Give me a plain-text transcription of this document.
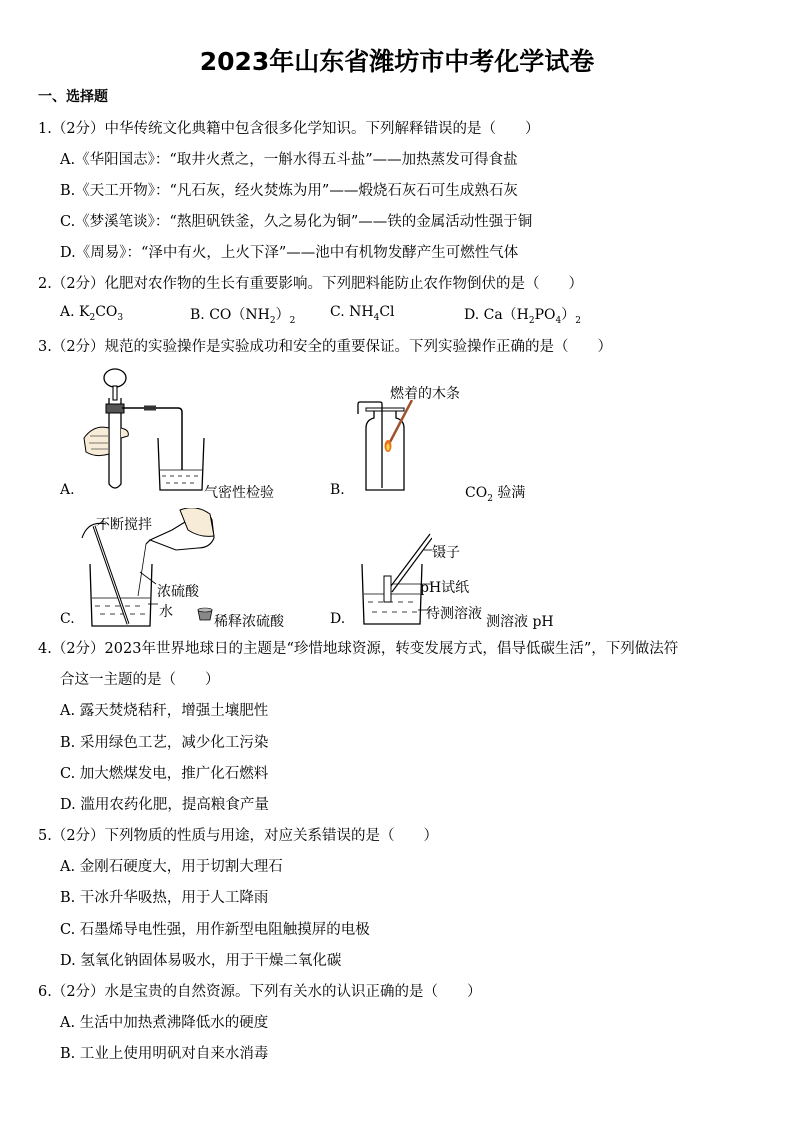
2023年山东省潍坊市中考化学试卷
一、选择题
1.（2分）中华传统文化典籍中包含很多化学知识。下列解释错误的是（　　）
A.《华阳国志》：“取井火煮之，一斛水得五斗盐”——加热蒸发可得食盐
B.《天工开物》：“凡石灰，经火焚炼为用”——煅烧石灰石可生成熟石灰
C.《梦溪笔谈》：“熬胆矾铁釜，久之易化为铜”——铁的金属活动性强于铜
D.《周易》：“泽中有火，上火下泽”——池中有机物发酵产生可燃性气体
2.（2分）化肥对农作物的生长有重要影响。下列肥料能防止农作物倒伏的是（　　）
A. $K_2CO_3$	B. $CO(NH_2)_2$
C. $NH_4Cl$	D. $Ca(H_2PO_4)_2$
3.（2分）规范的实验操作是实验成功和安全的重要保证。下列实验操作正确的是（　　）
A.	气密性检验	B.
燃着的木条
$CO_2$ 验满
C.
不断搅拌
浓硫酸
水
稀释浓硫酸	D.
镊子
pH试纸
待测溶液 测溶液 pH
4.（2分）2023年世界地球日的主题是“珍惜地球资源，转变发展方式，倡导低碳生活”，下列做法符
合这一主题的是（　　）
A. 露天焚烧秸秆，增强土壤肥性
B. 采用绿色工艺，减少化工污染
C. 加大燃煤发电，推广化石燃料
D. 滥用农药化肥，提高粮食产量
5.（2分）下列物质的性质与用途，对应关系错误的是（　　）
A. 金刚石硬度大，用于切割大理石
B. 干冰升华吸热，用于人工降雨
C. 石墨烯导电性强，用作新型电阻触摸屏的电极
D. 氢氧化钠固体易吸水，用于干燥二氧化碳
6.（2分）水是宝贵的自然资源。下列有关水的认识正确的是（　　）
A. 生活中加热煮沸降低水的硬度
B. 工业上使用明矾对自来水消毒
